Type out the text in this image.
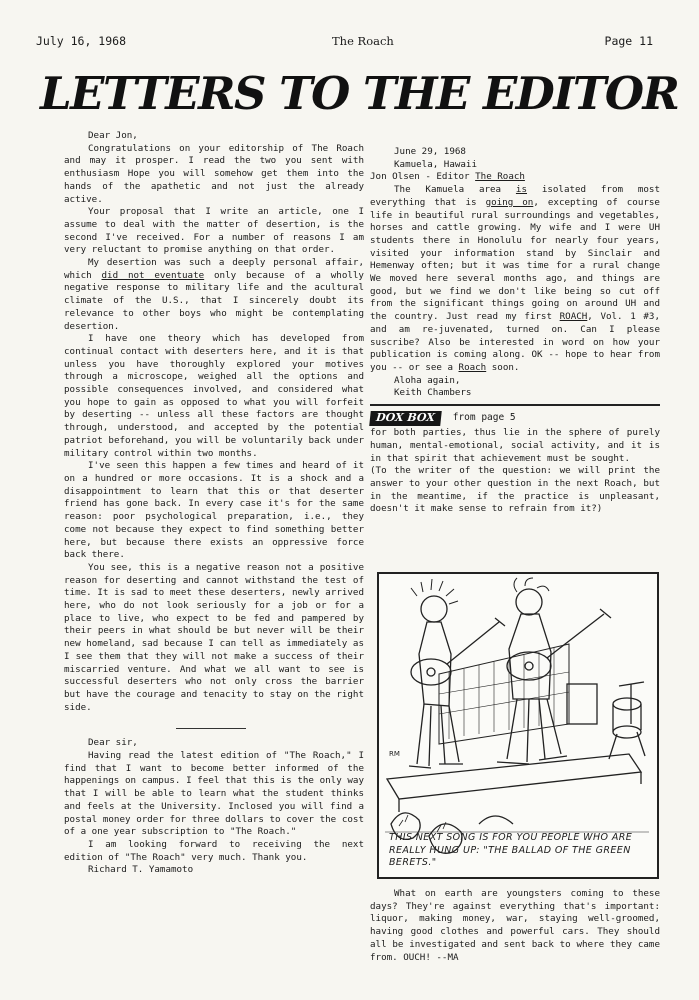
July 16, 1968	The Roach	Page 11
LETTERS TO THE EDITOR

Dear Jon,

Congratulations on your editorship of The Roach and may it prosper. I read the two you sent with enthusiasm Hope you will somehow get them into the hands of the apathetic and not just the already active.

Your proposal that I write an article, one I assume to deal with the matter of desertion, is the second I've received. For a number of reasons I am very reluctant to promise anything on that order.

My desertion was such a deeply personal affair, which did not eventuate only because of a wholly negative response to military life and the acultural climate of the U.S., that I sincerely doubt its relevance to other boys who might be contemplating desertion.

I have one theory which has developed from continual contact with deserters here, and it is that unless you have thoroughly explored your motives through a microscope, weighed all the options and possible consequences involved, and considered what you hope to gain as opposed to what you will forfeit by deserting -- unless all these factors are thought through, understood, and accepted by the potential patriot beforehand, you will be voluntarily back under military control within two months.

I've seen this happen a few times and heard of it on a hundred or more occasions. It is a shock and a disappointment to learn that this or that deserter friend has gone back. In every case it's for the same reason: poor psychological preparation, i.e., they come not because they expect to find something better here, but because there exists an oppressive force back there.

You see, this is a negative reason not a positive reason for deserting and cannot withstand the test of time. It is sad to meet these deserters, newly arrived here, who do not look seriously for a job or for a place to live, who expect to be fed and pampered by their peers in what should be but never will be their new homeland, sad because I can tell as immediately as I see them that they will not make a success of their miscarried venture. And what we all want to see is successful deserters who not only cross the barrier but have the courage and tenacity to stay on the right side.

Dear sir,

Having read the latest edition of "The Roach," I find that I want to become better informed of the happenings on campus. I feel that this is the only way that I will be able to learn what the student thinks and feels at the University. Inclosed you will find a postal money order for three dollars to cover the cost of a one year subscription to "The Roach."

I am looking forward to receiving the next edition of "The Roach" very much. Thank you.

Richard T. Yamamoto

June 29, 1968

Kamuela, Hawaii

Jon Olsen - Editor The Roach

The Kamuela area is isolated from most everything that is going on, excepting of course life in beautiful rural surroundings and vegetables, horses and cattle growing. My wife and I were UH students there in Honolulu for nearly four years, visited your information stand by Sinclair and Hemenway often; but it was time for a rural change We moved here several months ago, and things are good, but we find we don't like being so cut off from the significant things going on around UH and the country. Just read my first ROACH, Vol. 1 #3, and am re-juvenated, turned on. Can I please suscribe? Also be interested in word on how your publication is coming along. OK -- hope to hear from you -- or see a Roach soon.

Aloha again,

Keith Chambers

DOX BOX	from page 5

for both parties, thus lie in the sphere of purely human, mental-emotional, social activity, and it is in that spirit that achievement must be sought.

(To the writer of the question: we will print the answer to your other question in the next Roach, but in the meantime, if the practice is unpleasant, doesn't it make sense to refrain from it?)

RM
THIS NEXT SONG IS FOR YOU PEOPLE WHO ARE REALLY HUNG UP: "THE BALLAD OF THE GREEN BERETS."

What on earth are youngsters coming to these days? They're against everything that's important: liquor, making money, war, staying well-groomed, having good clothes and powerful cars. They should all be investigated and sent back to where they came from. OUCH! --MA
